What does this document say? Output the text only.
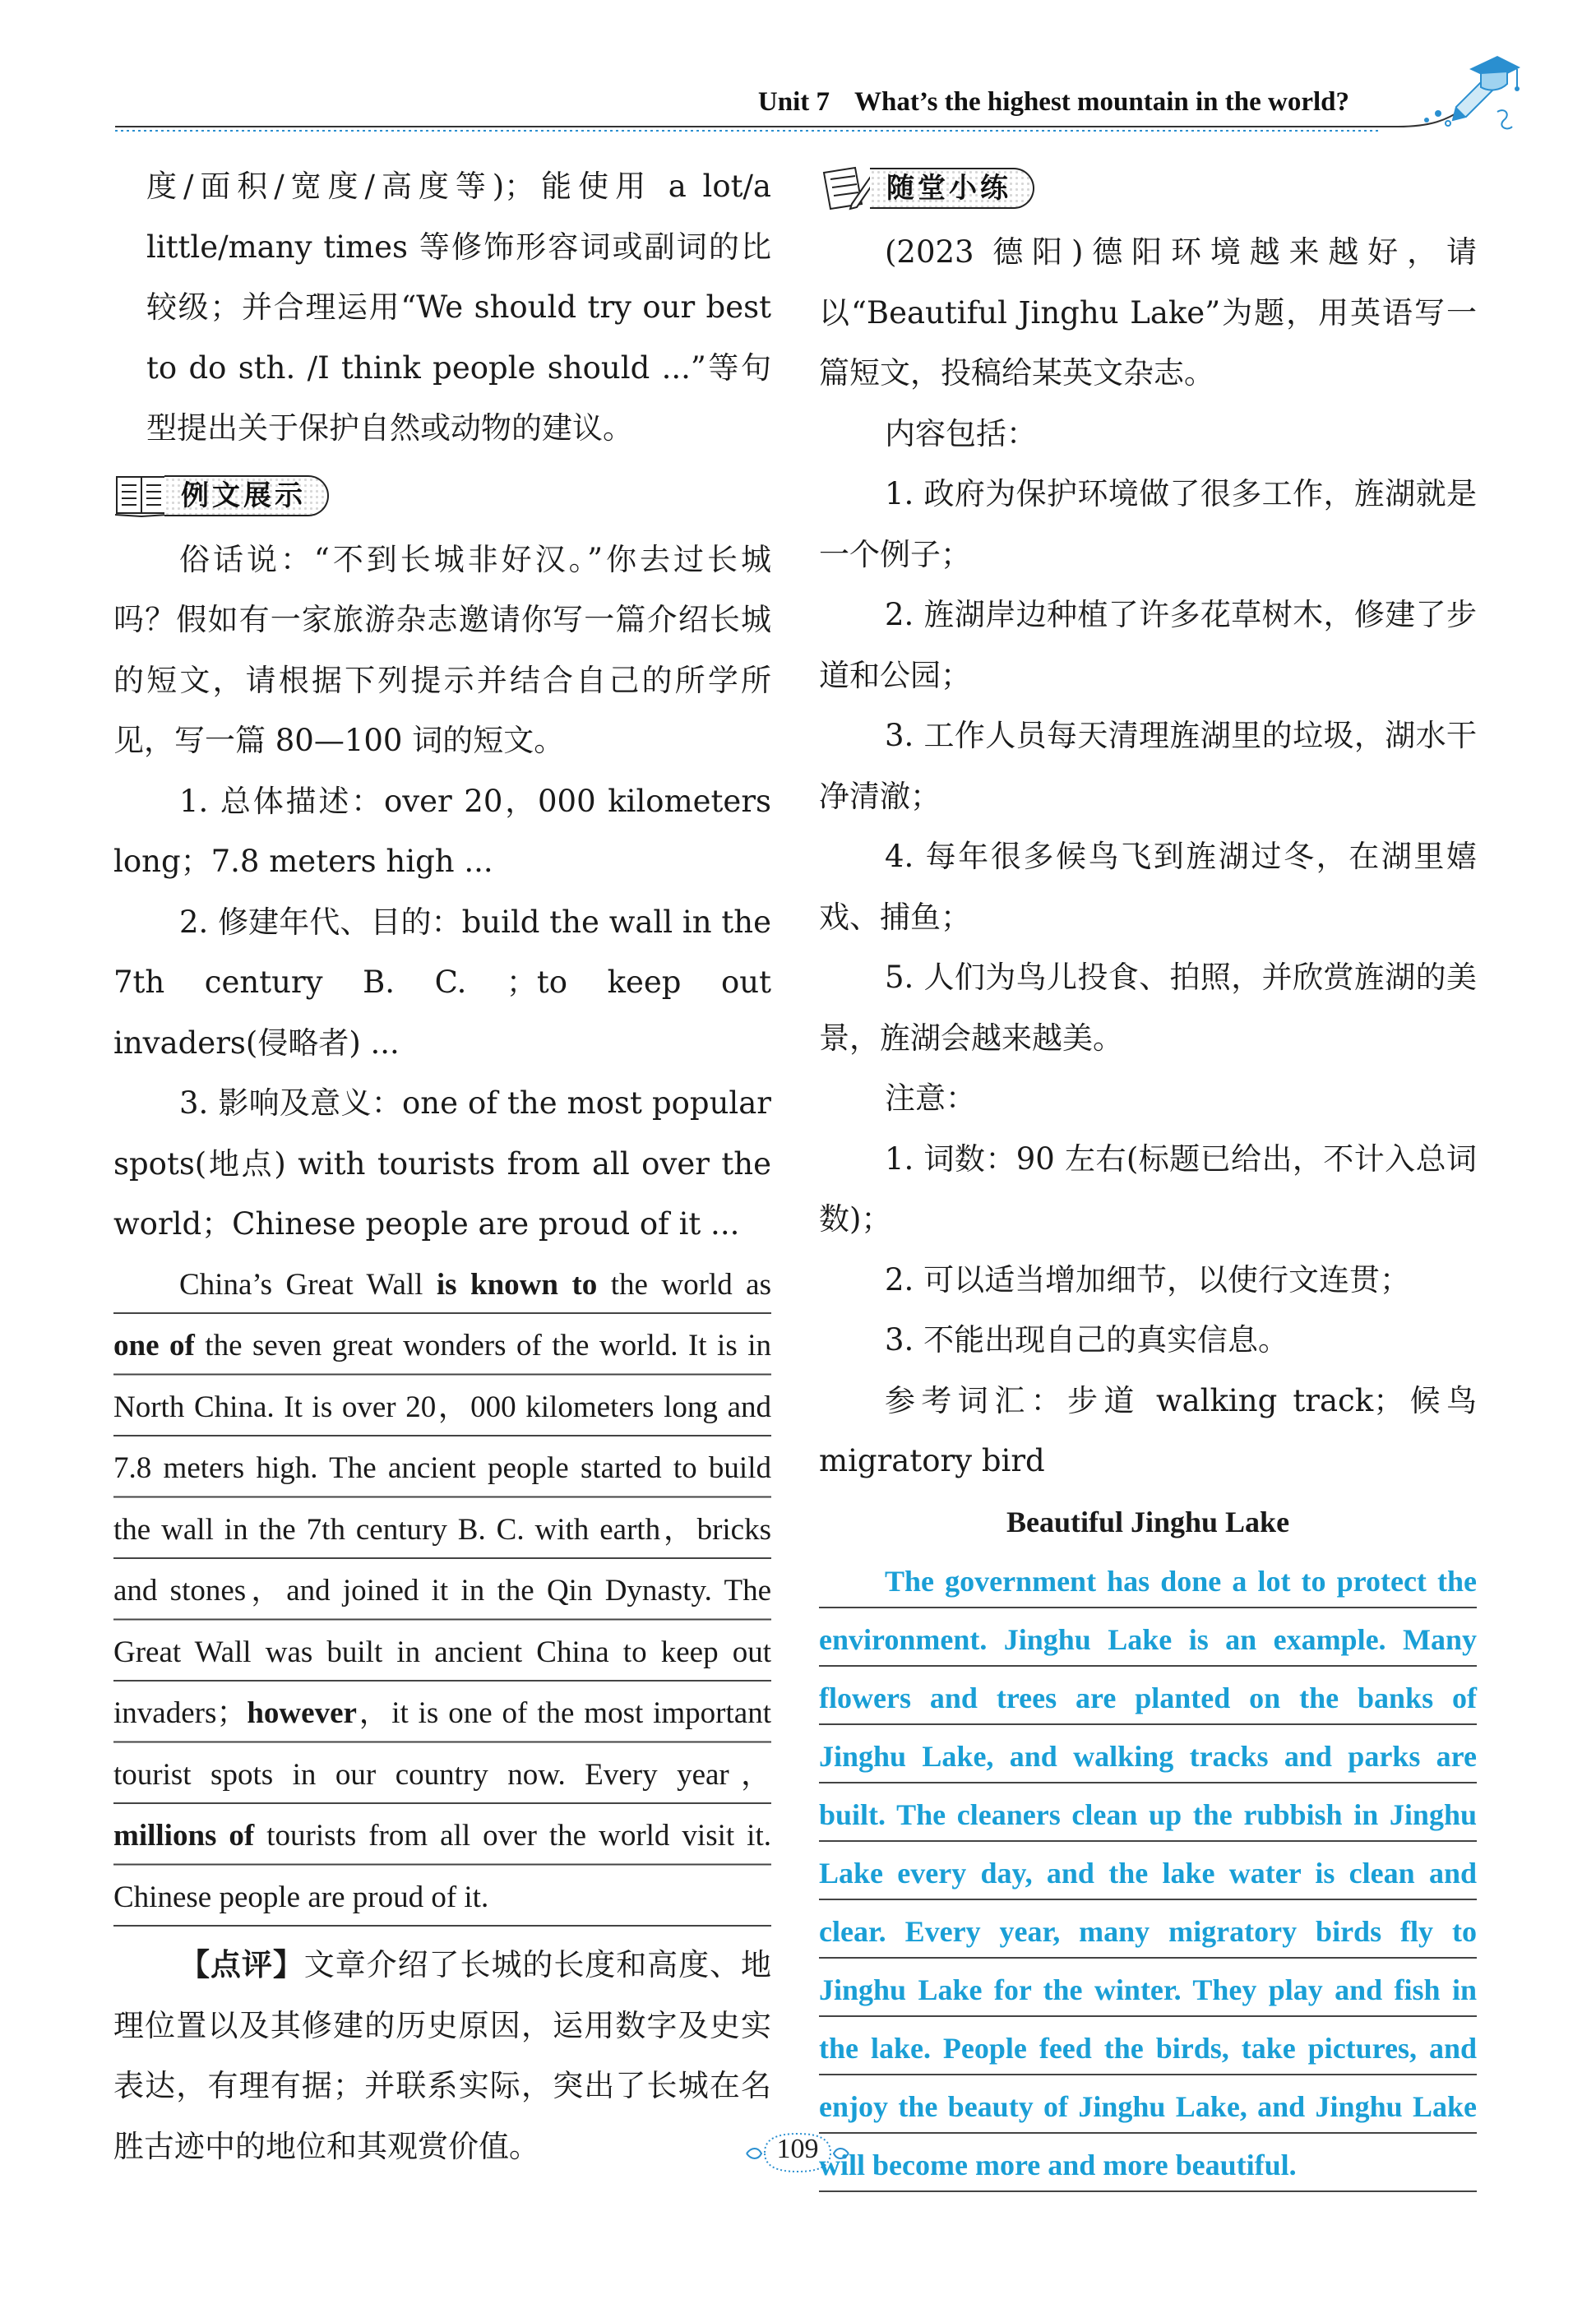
Unit 7 What’s the highest mountain in the world?

度/面积/宽度/高度等)；能使用 a lot/a little/many times 等修饰形容词或副词的比较级；并合理运用“We should try our best to do sth. /I think people should ...”等句型提出关于保护自然或动物的建议。

例文展示

俗话说：“不到长城非好汉。”你去过长城吗？假如有一家旅游杂志邀请你写一篇介绍长城的短文，请根据下列提示并结合自己的所学所见，写一篇 80—100 词的短文。

1. 总体描述：over 20，000 kilometers long；7.8 meters high ...

2. 修建年代、目的：build the wall in the 7th century B. C. ；to keep out invaders(侵略者) ...

3. 影响及意义：one of the most popular spots(地点) with tourists from all over the world；Chinese people are proud of it ...

China’s Great Wall is known to the world as one of the seven great wonders of the world. It is in North China. It is over 20，000 kilometers long and 7.8 meters high. The ancient people started to build the wall in the 7th century B. C. with earth，bricks and stones，and joined it in the Qin Dynasty. The Great Wall was built in ancient China to keep out invaders；however，it is one of the most important tourist spots in our country now. Every year，millions of tourists from all over the world visit it. Chinese people are proud of it.

【点评】文章介绍了长城的长度和高度、地理位置以及其修建的历史原因，运用数字及史实表达，有理有据；并联系实际，突出了长城在名胜古迹中的地位和其观赏价值。

随堂小练

(2023 德阳)德阳环境越来越好，请以“Beautiful Jinghu Lake”为题，用英语写一篇短文，投稿给某英文杂志。

内容包括：

1. 政府为保护环境做了很多工作，旌湖就是一个例子；

2. 旌湖岸边种植了许多花草树木，修建了步道和公园；

3. 工作人员每天清理旌湖里的垃圾，湖水干净清澈；

4. 每年很多候鸟飞到旌湖过冬，在湖里嬉戏、捕鱼；

5. 人们为鸟儿投食、拍照，并欣赏旌湖的美景，旌湖会越来越美。

注意：

1. 词数：90 左右(标题已给出，不计入总词数)；

2. 可以适当增加细节，以使行文连贯；

3. 不能出现自己的真实信息。

参考词汇：步道 walking track；候鸟 migratory bird

Beautiful Jinghu Lake

The government has done a lot to protect the environment. Jinghu Lake is an example. Many flowers and trees are planted on the banks of Jinghu Lake, and walking tracks and parks are built. The cleaners clean up the rubbish in Jinghu Lake every day, and the lake water is clean and clear. Every year, many migratory birds fly to Jinghu Lake for the winter. They play and fish in the lake. People feed the birds, take pictures, and enjoy the beauty of Jinghu Lake, and Jinghu Lake will become more and more beautiful.

109
